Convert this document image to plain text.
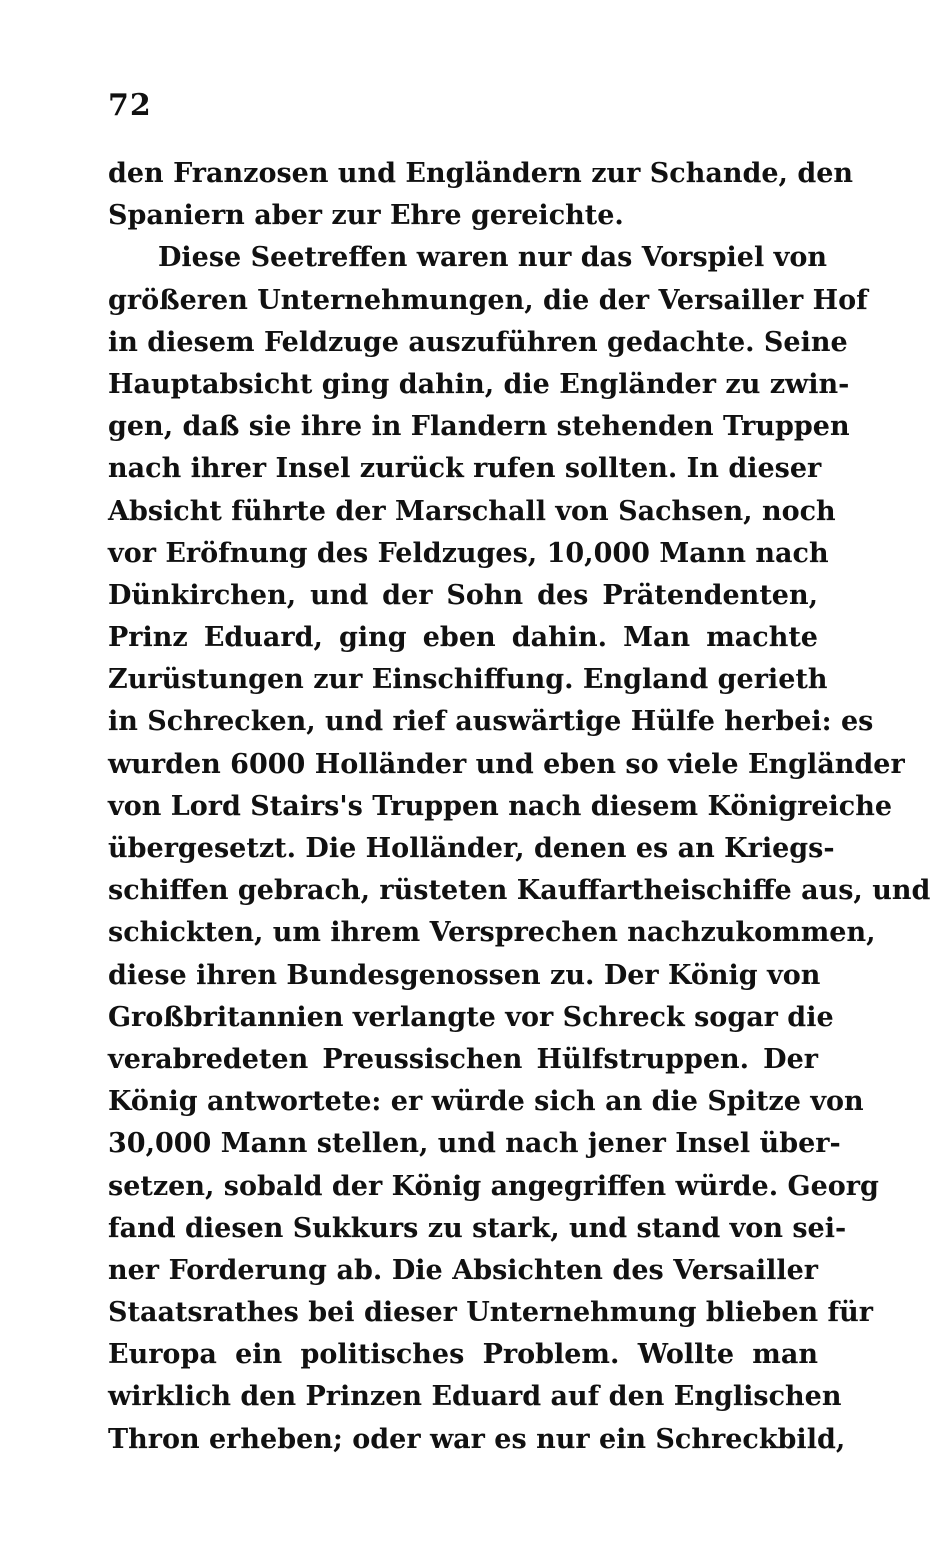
72
den Franzosen und Engländern zur Schande, den
Spaniern aber zur Ehre gereichte.
Diese Seetreffen waren nur das Vorspiel von
größeren Unternehmungen, die der Versailler Hof
in diesem Feldzuge auszuführen gedachte. Seine
Hauptabsicht ging dahin, die Engländer zu zwin-
gen, daß sie ihre in Flandern stehenden Truppen
nach ihrer Insel zurück rufen sollten. In dieser
Absicht führte der Marschall von Sachsen, noch
vor Eröfnung des Feldzuges, 10,000 Mann nach
Dünkirchen, und der Sohn des Prätendenten,
Prinz Eduard, ging eben dahin. Man machte
Zurüstungen zur Einschiffung. England gerieth
in Schrecken, und rief auswärtige Hülfe herbei: es
wurden 6000 Holländer und eben so viele Engländer
von Lord Stairs's Truppen nach diesem Königreiche
übergesetzt. Die Holländer, denen es an Kriegs-
schiffen gebrach, rüsteten Kauffartheischiffe aus, und
schickten, um ihrem Versprechen nachzukommen,
diese ihren Bundesgenossen zu. Der König von
Großbritannien verlangte vor Schreck sogar die
verabredeten Preussischen Hülfstruppen. Der
König antwortete: er würde sich an die Spitze von
30,000 Mann stellen, und nach jener Insel über-
setzen, sobald der König angegriffen würde. Georg
fand diesen Sukkurs zu stark, und stand von sei-
ner Forderung ab. Die Absichten des Versailler
Staatsrathes bei dieser Unternehmung blieben für
Europa ein politisches Problem. Wollte man
wirklich den Prinzen Eduard auf den Englischen
Thron erheben; oder war es nur ein Schreckbild,
